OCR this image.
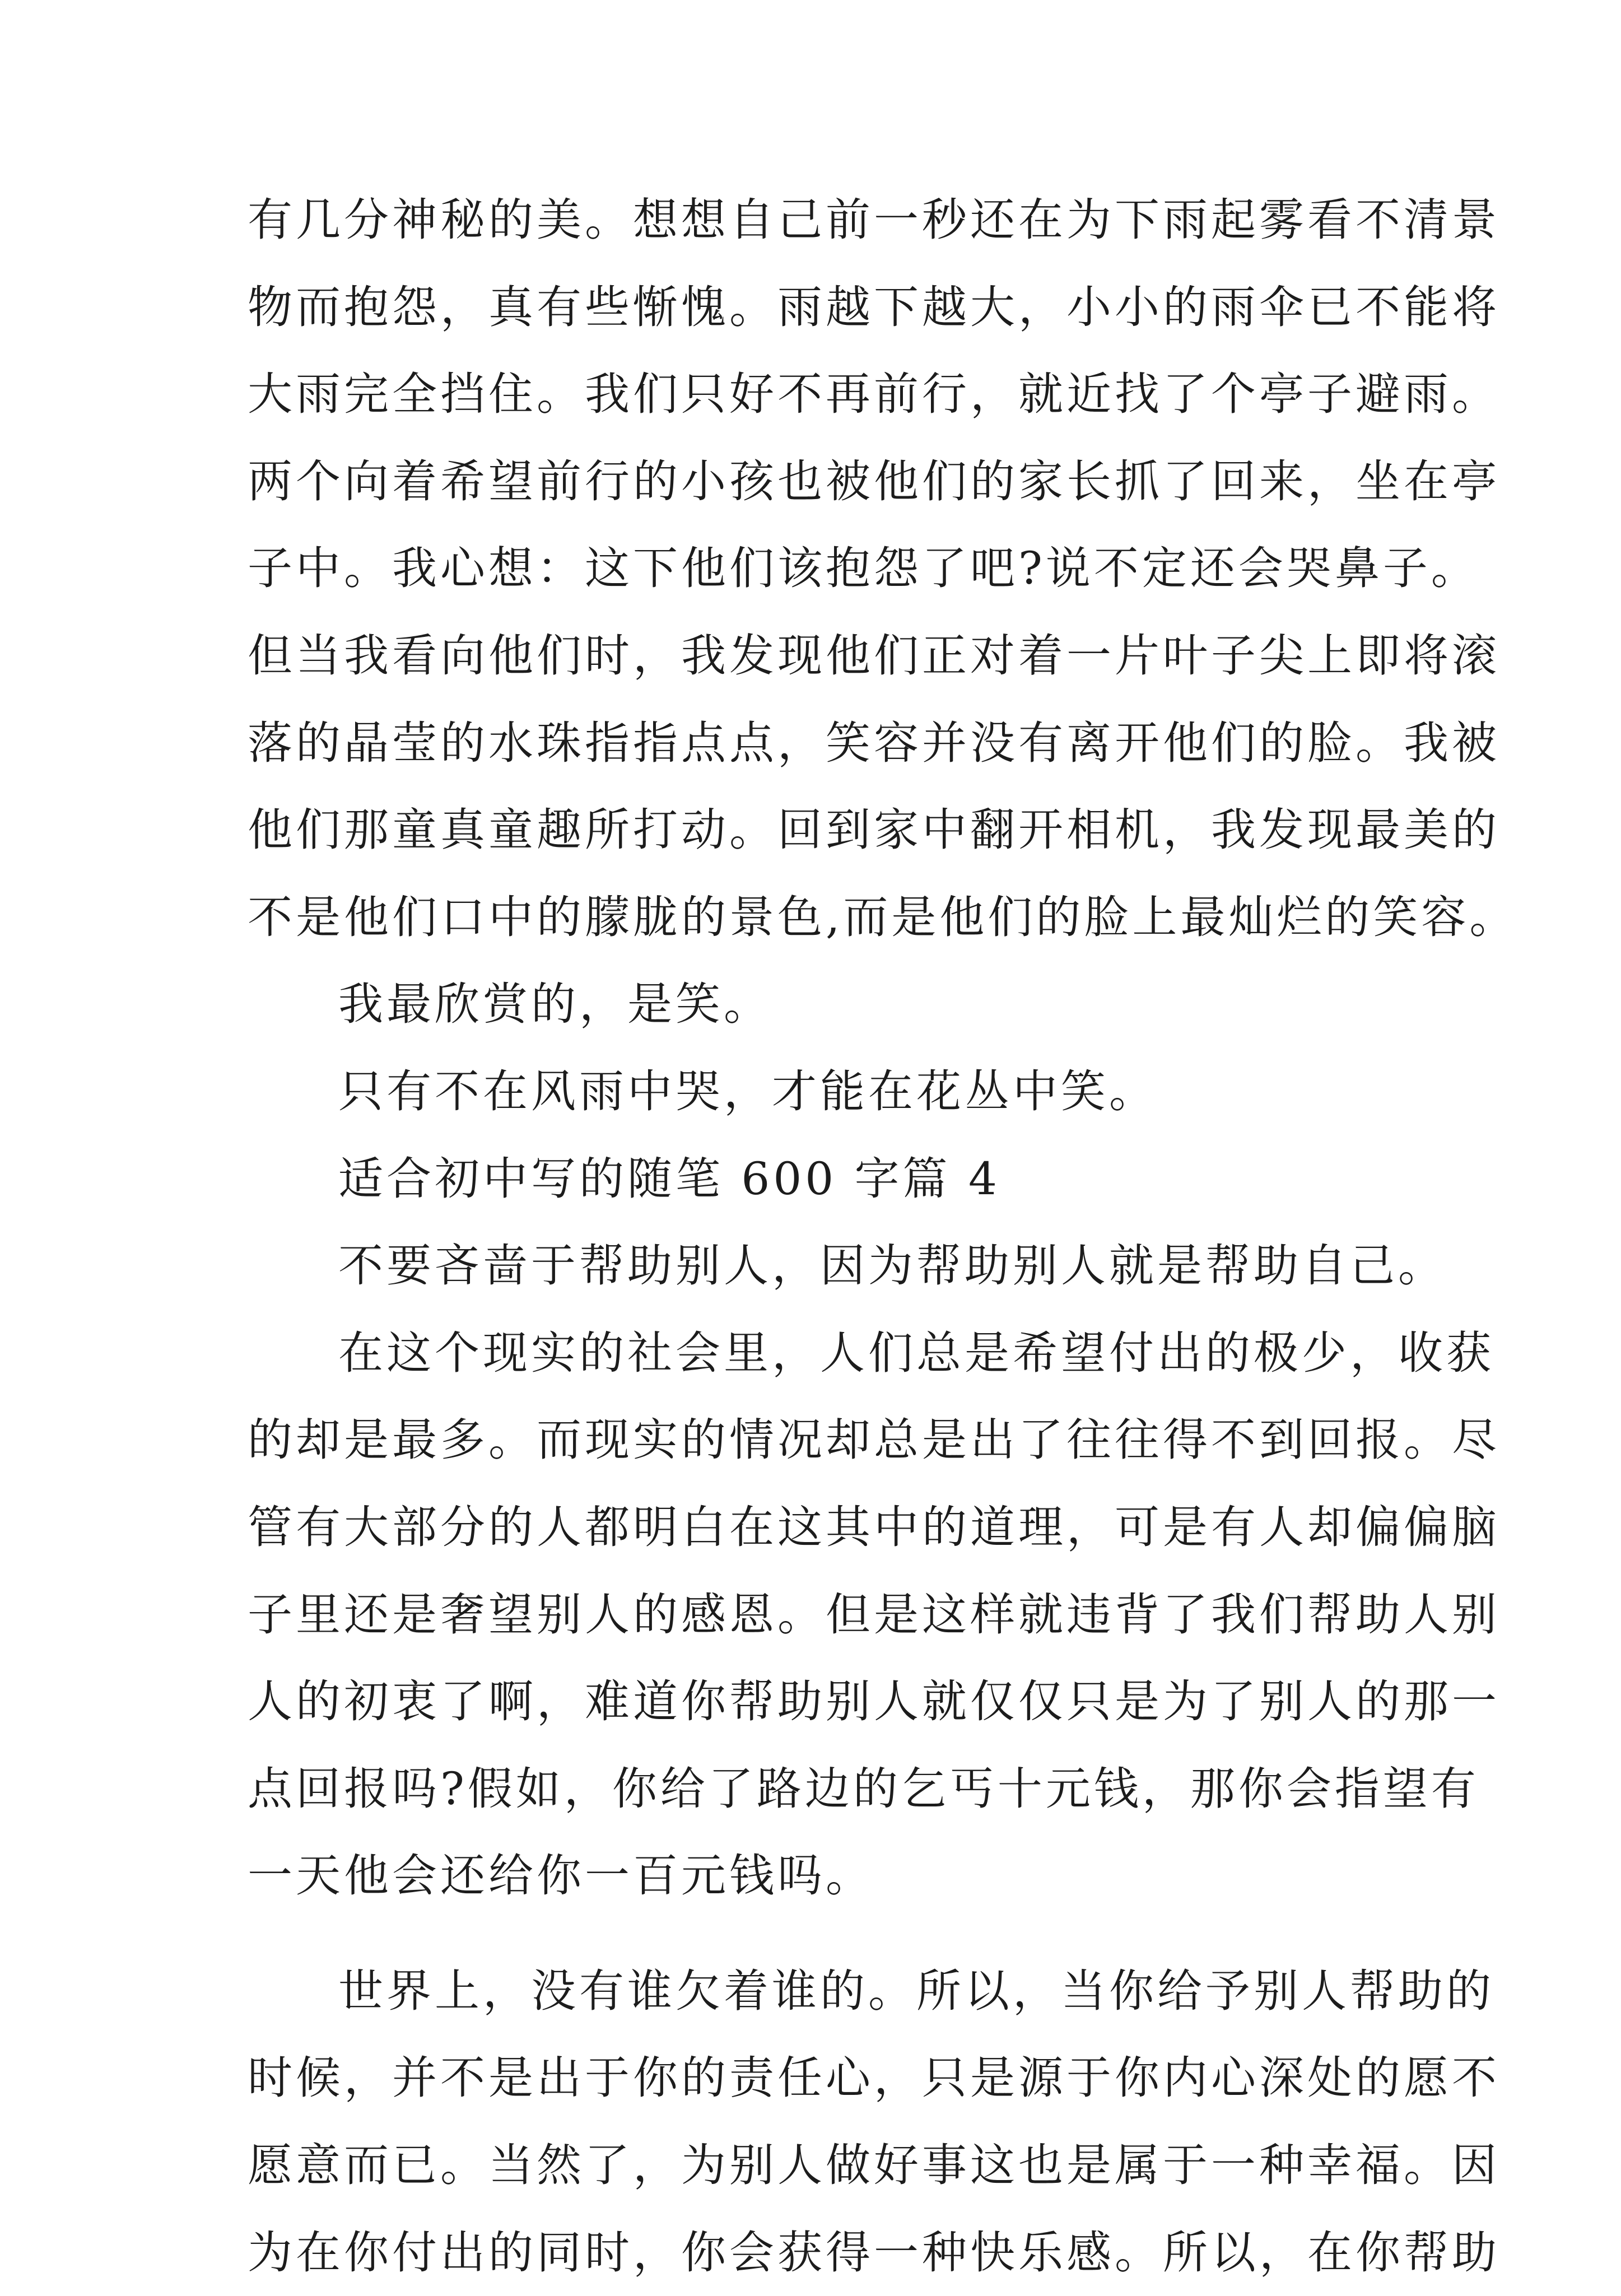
有几分神秘的美。想想自己前一秒还在为下雨起雾看不清景
物而抱怨，真有些惭愧。雨越下越大，小小的雨伞已不能将
大雨完全挡住。我们只好不再前行，就近找了个亭子避雨。
两个向着希望前行的小孩也被他们的家长抓了回来，坐在亭
子中。我心想：这下他们该抱怨了吧?说不定还会哭鼻子。
但当我看向他们时，我发现他们正对着一片叶子尖上即将滚
落的晶莹的水珠指指点点，笑容并没有离开他们的脸。我被
他们那童真童趣所打动。回到家中翻开相机，我发现最美的
不是他们口中的朦胧的景色,而是他们的脸上最灿烂的笑容。
我最欣赏的，是笑。
只有不在风雨中哭，才能在花丛中笑。
适合初中写的随笔 600 字篇 4
不要吝啬于帮助别人，因为帮助别人就是帮助自己。
在这个现实的社会里，人们总是希望付出的极少，收获
的却是最多。而现实的情况却总是出了往往得不到回报。尽
管有大部分的人都明白在这其中的道理，可是有人却偏偏脑
子里还是奢望别人的感恩。但是这样就违背了我们帮助人别
人的初衷了啊，难道你帮助别人就仅仅只是为了别人的那一
点回报吗?假如，你给了路边的乞丐十元钱，那你会指望有
一天他会还给你一百元钱吗。
世界上，没有谁欠着谁的。所以，当你给予别人帮助的
时候，并不是出于你的责任心，只是源于你内心深处的愿不
愿意而已。当然了，为别人做好事这也是属于一种幸福。因
为在你付出的同时，你会获得一种快乐感。所以，在你帮助
